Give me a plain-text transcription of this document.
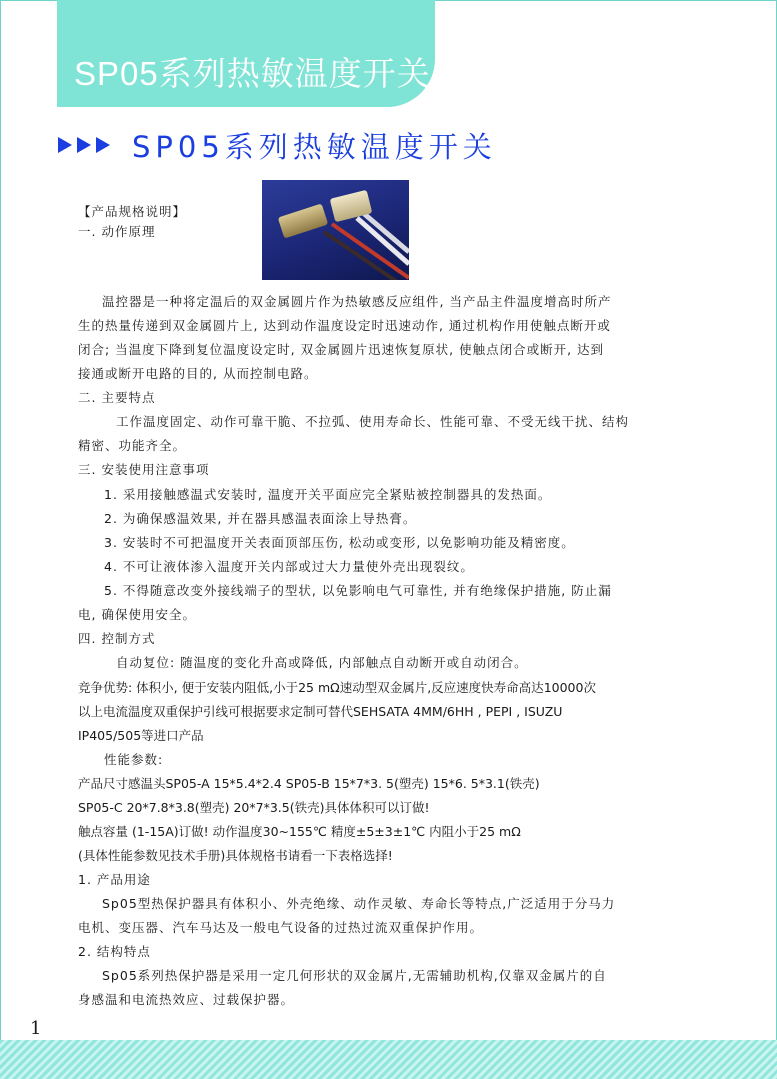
SP05系列热敏温度开关
SP05系列热敏温度开关
【产品规格说明】
一. 动作原理
温控器是一种将定温后的双金属圆片作为热敏感反应组件, 当产品主件温度增高时所产
生的热量传递到双金属圆片上, 达到动作温度设定时迅速动作, 通过机构作用使触点断开或
闭合; 当温度下降到复位温度设定时, 双金属圆片迅速恢复原状, 使触点闭合或断开, 达到
接通或断开电路的目的, 从而控制电路。
二. 主要特点
工作温度固定、动作可靠干脆、不拉弧、使用寿命长、性能可靠、不受无线干扰、结构
精密、功能齐全。
三. 安装使用注意事项
1. 采用接触感温式安装时, 温度开关平面应完全紧贴被控制器具的发热面。
2. 为确保感温效果, 并在器具感温表面涂上导热膏。
3. 安装时不可把温度开关表面顶部压伤, 松动或变形, 以免影响功能及精密度。
4. 不可让液体渗入温度开关内部或过大力量使外壳出现裂纹。
5. 不得随意改变外接线端子的型状, 以免影响电气可靠性, 并有绝缘保护措施, 防止漏
电, 确保使用安全。
四. 控制方式
自动复位: 随温度的变化升高或降低, 内部触点自动断开或自动闭合。
竞争优势: 体积小, 便于安装内阻低,小于25 mΩ速动型双金属片,反应速度快寿命高达10000次
以上电流温度双重保护引线可根据要求定制可替代SEHSATA 4MM/6HH , PEPI , ISUZU
IP405/505等进口产品
性能参数:
产品尺寸感温头SP05-A 15*5.4*2.4 SP05-B 15*7*3. 5(塑壳) 15*6. 5*3.1(铁壳)
SP05-C 20*7.8*3.8(塑壳) 20*7*3.5(铁壳)具体体积可以订做!
触点容量 (1-15A)订做! 动作温度30~155℃ 精度±5±3±1℃ 内阻小于25 mΩ
(具体性能参数见技术手册)具体规格书请看一下表格选择!
1. 产品用途
Sp05型热保护器具有体积小、外壳绝缘、动作灵敏、寿命长等特点,广泛适用于分马力
电机、变压器、汽车马达及一般电气设备的过热过流双重保护作用。
2. 结构特点
Sp05系列热保护器是采用一定几何形状的双金属片,无需辅助机构,仅靠双金属片的自
身感温和电流热效应、过载保护器。
1
